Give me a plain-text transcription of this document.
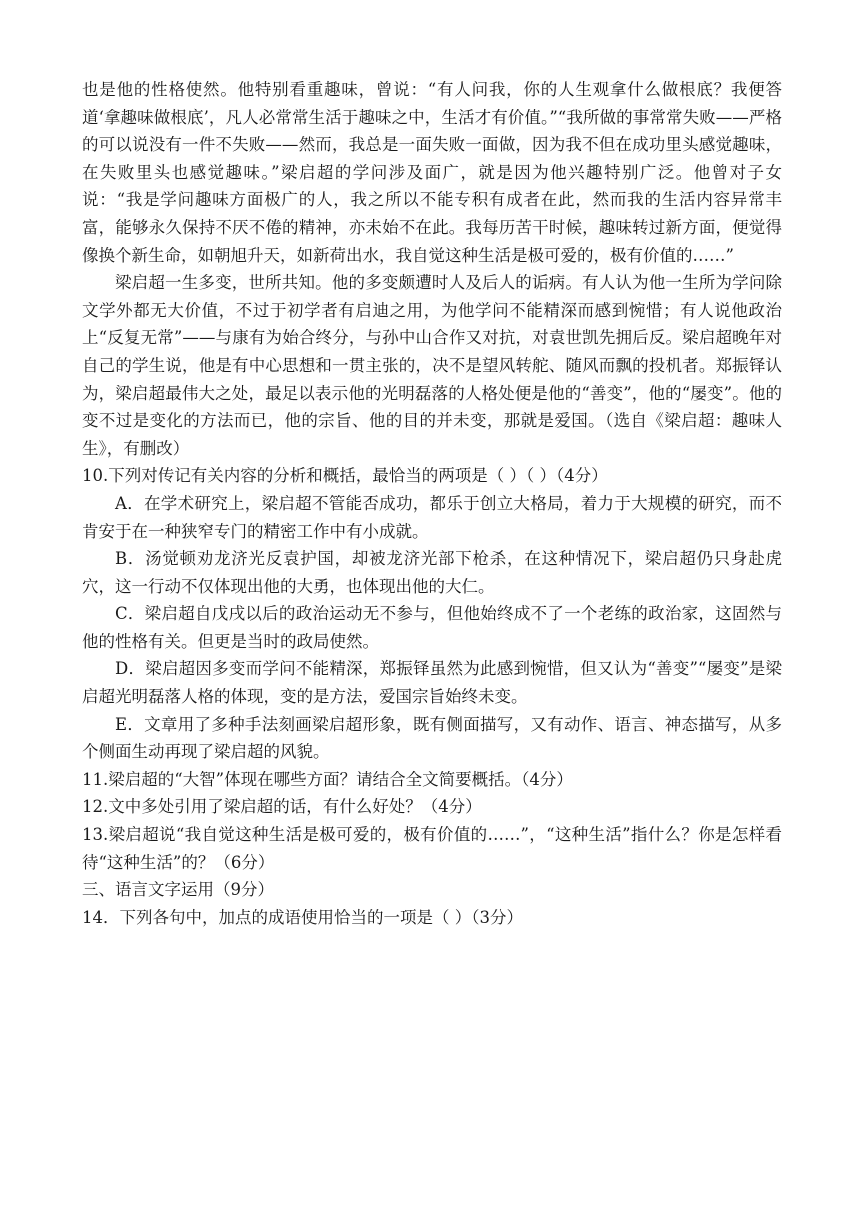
也是他的性格使然。他特别看重趣味，曾说：“有人问我，你的人生观拿什么做根底？我便答道‘拿趣味做根底’，凡人必常常生活于趣味之中，生活才有价值。”“我所做的事常常失败——严格的可以说没有一件不失败——然而，我总是一面失败一面做，因为我不但在成功里头感觉趣味，在失败里头也感觉趣味。”梁启超的学问涉及面广，就是因为他兴趣特别广泛。他曾对子女说：“我是学问趣味方面极广的人，我之所以不能专积有成者在此，然而我的生活内容异常丰富，能够永久保持不厌不倦的精神，亦未始不在此。我每历苦干时候，趣味转过新方面，便觉得像换个新生命，如朝旭升天，如新荷出水，我自觉这种生活是极可爱的，极有价值的……”

梁启超一生多变，世所共知。他的多变颇遭时人及后人的诟病。有人认为他一生所为学问除文学外都无大价值，不过于初学者有启迪之用，为他学问不能精深而感到惋惜；有人说他政治上“反复无常”——与康有为始合终分，与孙中山合作又对抗，对袁世凯先拥后反。梁启超晚年对自己的学生说，他是有中心思想和一贯主张的，决不是望风转舵、随风而飘的投机者。郑振铎认为，梁启超最伟大之处，最足以表示他的光明磊落的人格处便是他的“善变”，他的“屡变”。他的变不过是变化的方法而已，他的宗旨、他的目的并未变，那就是爱国。（选自《梁启超：趣味人生》，有删改）

10.下列对传记有关内容的分析和概括，最恰当的两项是（ ）（ ）（4分）

A．在学术研究上，梁启超不管能否成功，都乐于创立大格局，着力于大规模的研究，而不肯安于在一种狭窄专门的精密工作中有小成就。

B．汤觉顿劝龙济光反袁护国，却被龙济光部下枪杀，在这种情况下，梁启超仍只身赴虎穴，这一行动不仅体现出他的大勇，也体现出他的大仁。

C．梁启超自戊戌以后的政治运动无不参与，但他始终成不了一个老练的政治家，这固然与他的性格有关。但更是当时的政局使然。

D．梁启超因多变而学问不能精深，郑振铎虽然为此感到惋惜，但又认为“善变”“屡变”是梁启超光明磊落人格的体现，变的是方法，爱国宗旨始终未变。

E．文章用了多种手法刻画梁启超形象，既有侧面描写，又有动作、语言、神态描写，从多个侧面生动再现了梁启超的风貌。

11.梁启超的“大智”体现在哪些方面？请结合全文简要概括。（4分）

12.文中多处引用了梁启超的话，有什么好处？（4分）

13.梁启超说“我自觉这种生活是极可爱的，极有价值的……”，“这种生活”指什么？你是怎样看待“这种生活”的？（6分）

三、语言文字运用（9分）

14．下列各句中，加点的成语使用恰当的一项是（ ）（3分）
